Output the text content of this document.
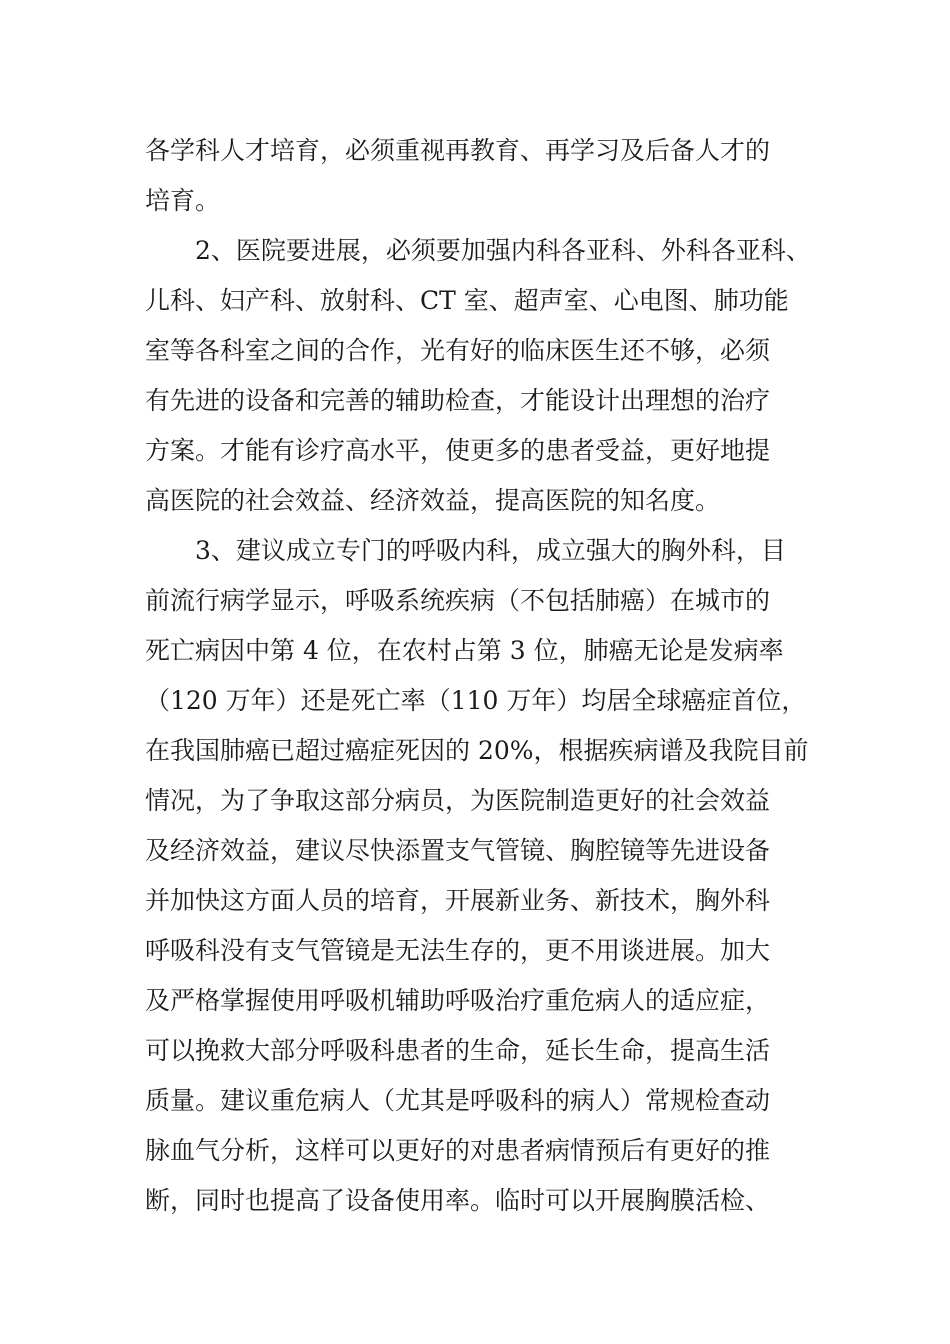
各学科人才培育，必须重视再教育、再学习及后备人才的
培育。
2、医院要进展，必须要加强内科各亚科、外科各亚科、
儿科、妇产科、放射科、CT 室、超声室、心电图、肺功能
室等各科室之间的合作，光有好的临床医生还不够，必须
有先进的设备和完善的辅助检查，才能设计出理想的治疗
方案。才能有诊疗高水平，使更多的患者受益，更好地提
高医院的社会效益、经济效益，提高医院的知名度。
3、建议成立专门的呼吸内科，成立强大的胸外科，目
前流行病学显示，呼吸系统疾病（不包括肺癌）在城市的
死亡病因中第 4 位，在农村占第 3 位，肺癌无论是发病率
（120 万年）还是死亡率（110 万年）均居全球癌症首位，
在我国肺癌已超过癌症死因的 20%，根据疾病谱及我院目前
情况，为了争取这部分病员，为医院制造更好的社会效益
及经济效益，建议尽快添置支气管镜、胸腔镜等先进设备
并加快这方面人员的培育，开展新业务、新技术，胸外科
呼吸科没有支气管镜是无法生存的，更不用谈进展。加大
及严格掌握使用呼吸机辅助呼吸治疗重危病人的适应症，
可以挽救大部分呼吸科患者的生命，延长生命，提高生活
质量。建议重危病人（尤其是呼吸科的病人）常规检查动
脉血气分析，这样可以更好的对患者病情预后有更好的推
断，同时也提高了设备使用率。临时可以开展胸膜活检、
